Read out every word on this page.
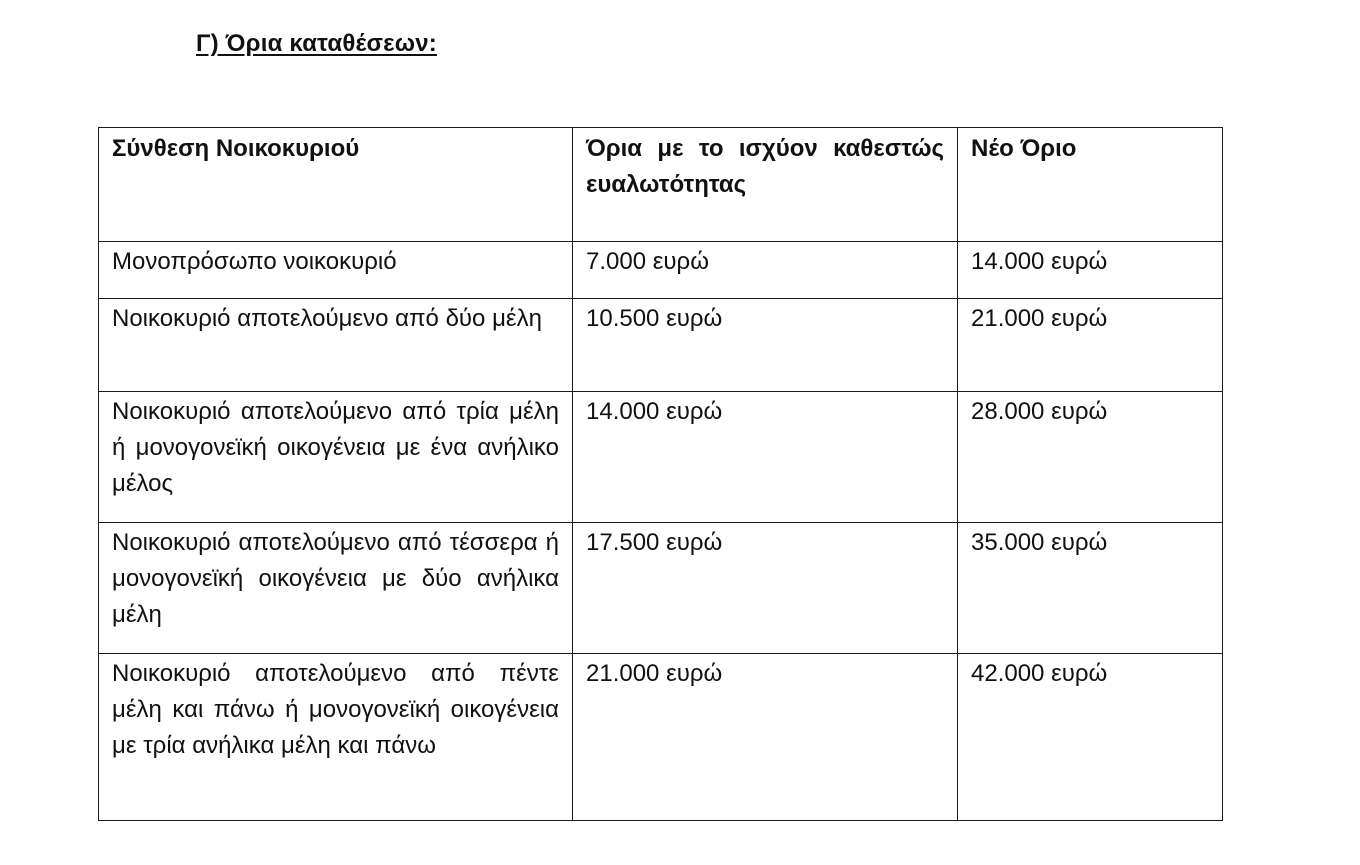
Γ) Όρια καταθέσεων:
Σύνθεση Νοικοκυριού	Όρια με το ισχύον καθεστώς ευαλωτότητας	Νέο Όριο
Μονοπρόσωπο νοικοκυριό	7.000 ευρώ	14.000 ευρώ
Νοικοκυριό αποτελούμενο από δύο μέλη	10.500 ευρώ	21.000 ευρώ
Νοικοκυριό αποτελούμενο από τρία μέλη ή μονογονεϊκή οικογένεια με ένα ανήλικο μέλος	14.000 ευρώ	28.000 ευρώ
Νοικοκυριό αποτελούμενο από τέσσερα ή μονογονεϊκή οικογένεια με δύο ανήλικα μέλη	17.500 ευρώ	35.000 ευρώ
Νοικοκυριό αποτελούμενο από πέντε μέλη και πάνω ή μονογονεϊκή οικογένεια με τρία ανήλικα μέλη και πάνω	21.000 ευρώ	42.000 ευρώ
